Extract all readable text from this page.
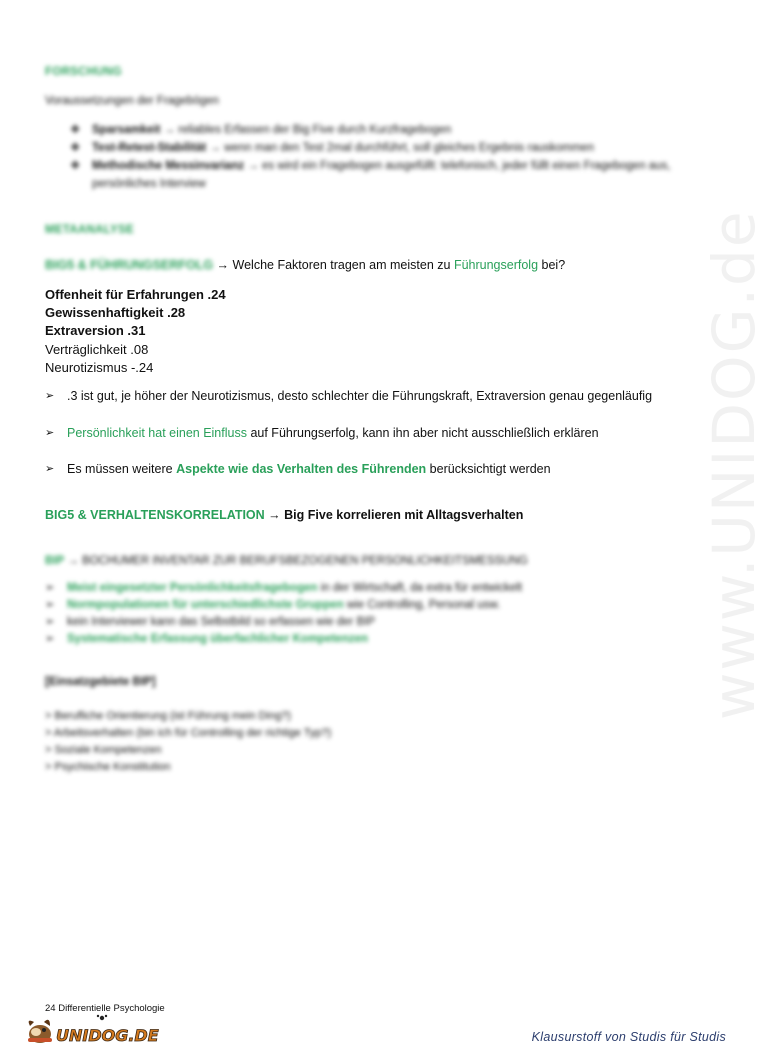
www.UNIDOG.de
FORSCHUNG
Voraussetzungen der Fragebögen
❖	Sparsamkeit → reliables Erfassen der Big Five durch Kurzfragebogen
❖	Test-Retest-Stabilität → wenn man den Test 2mal durchführt, soll gleiches Ergebnis rauskommen
❖	Methodische Messinvarianz → es wird ein Fragebogen ausgefüllt: telefonisch, jeder füllt einen Fragebogen aus, persönliches Interview
METAANALYSE
BIG5 & FÜHRUNGSERFOLG → Welche Faktoren tragen am meisten zu Führungserfolg bei?
Offenheit für Erfahrungen .24
Gewissenhaftigkeit .28
Extraversion .31
Verträglichkeit .08
Neurotizismus -.24
➢	.3 ist gut, je höher der Neurotizismus, desto schlechter die Führungskraft, Extraversion genau gegenläufig
➢	Persönlichkeit hat einen Einfluss auf Führungserfolg, kann ihn aber nicht ausschließlich erklären
➢	Es müssen weitere Aspekte wie das Verhalten des Führenden berücksichtigt werden
BIG5 & VERHALTENSKORRELATION → Big Five korrelieren mit Alltagsverhalten
BIP → BOCHUMER INVENTAR ZUR BERUFSBEZOGENEN PERSÖNLICHKEITSMESSUNG
➢	Meist eingesetzter Persönlichkeitsfragebogen in der Wirtschaft, da extra für entwickelt
➢	Normpopulationen für unterschiedlichste Gruppen wie Controlling, Personal usw.
➢	kein Interviewer kann das Selbstbild so erfassen wie der BIP
➢	Systematische Erfassung überfachlicher Kompetenzen
[Einsatzgebiete BIP]
> Berufliche Orientierung (ist Führung mein Ding?)
> Arbeitsverhalten (bin ich für Controlling der richtige Typ?)
> Soziale Kompetenzen
> Psychische Konstitution
24 Differentielle Psychologie
UNIDOG.DE	Klausurstoff von Studis für Studis
